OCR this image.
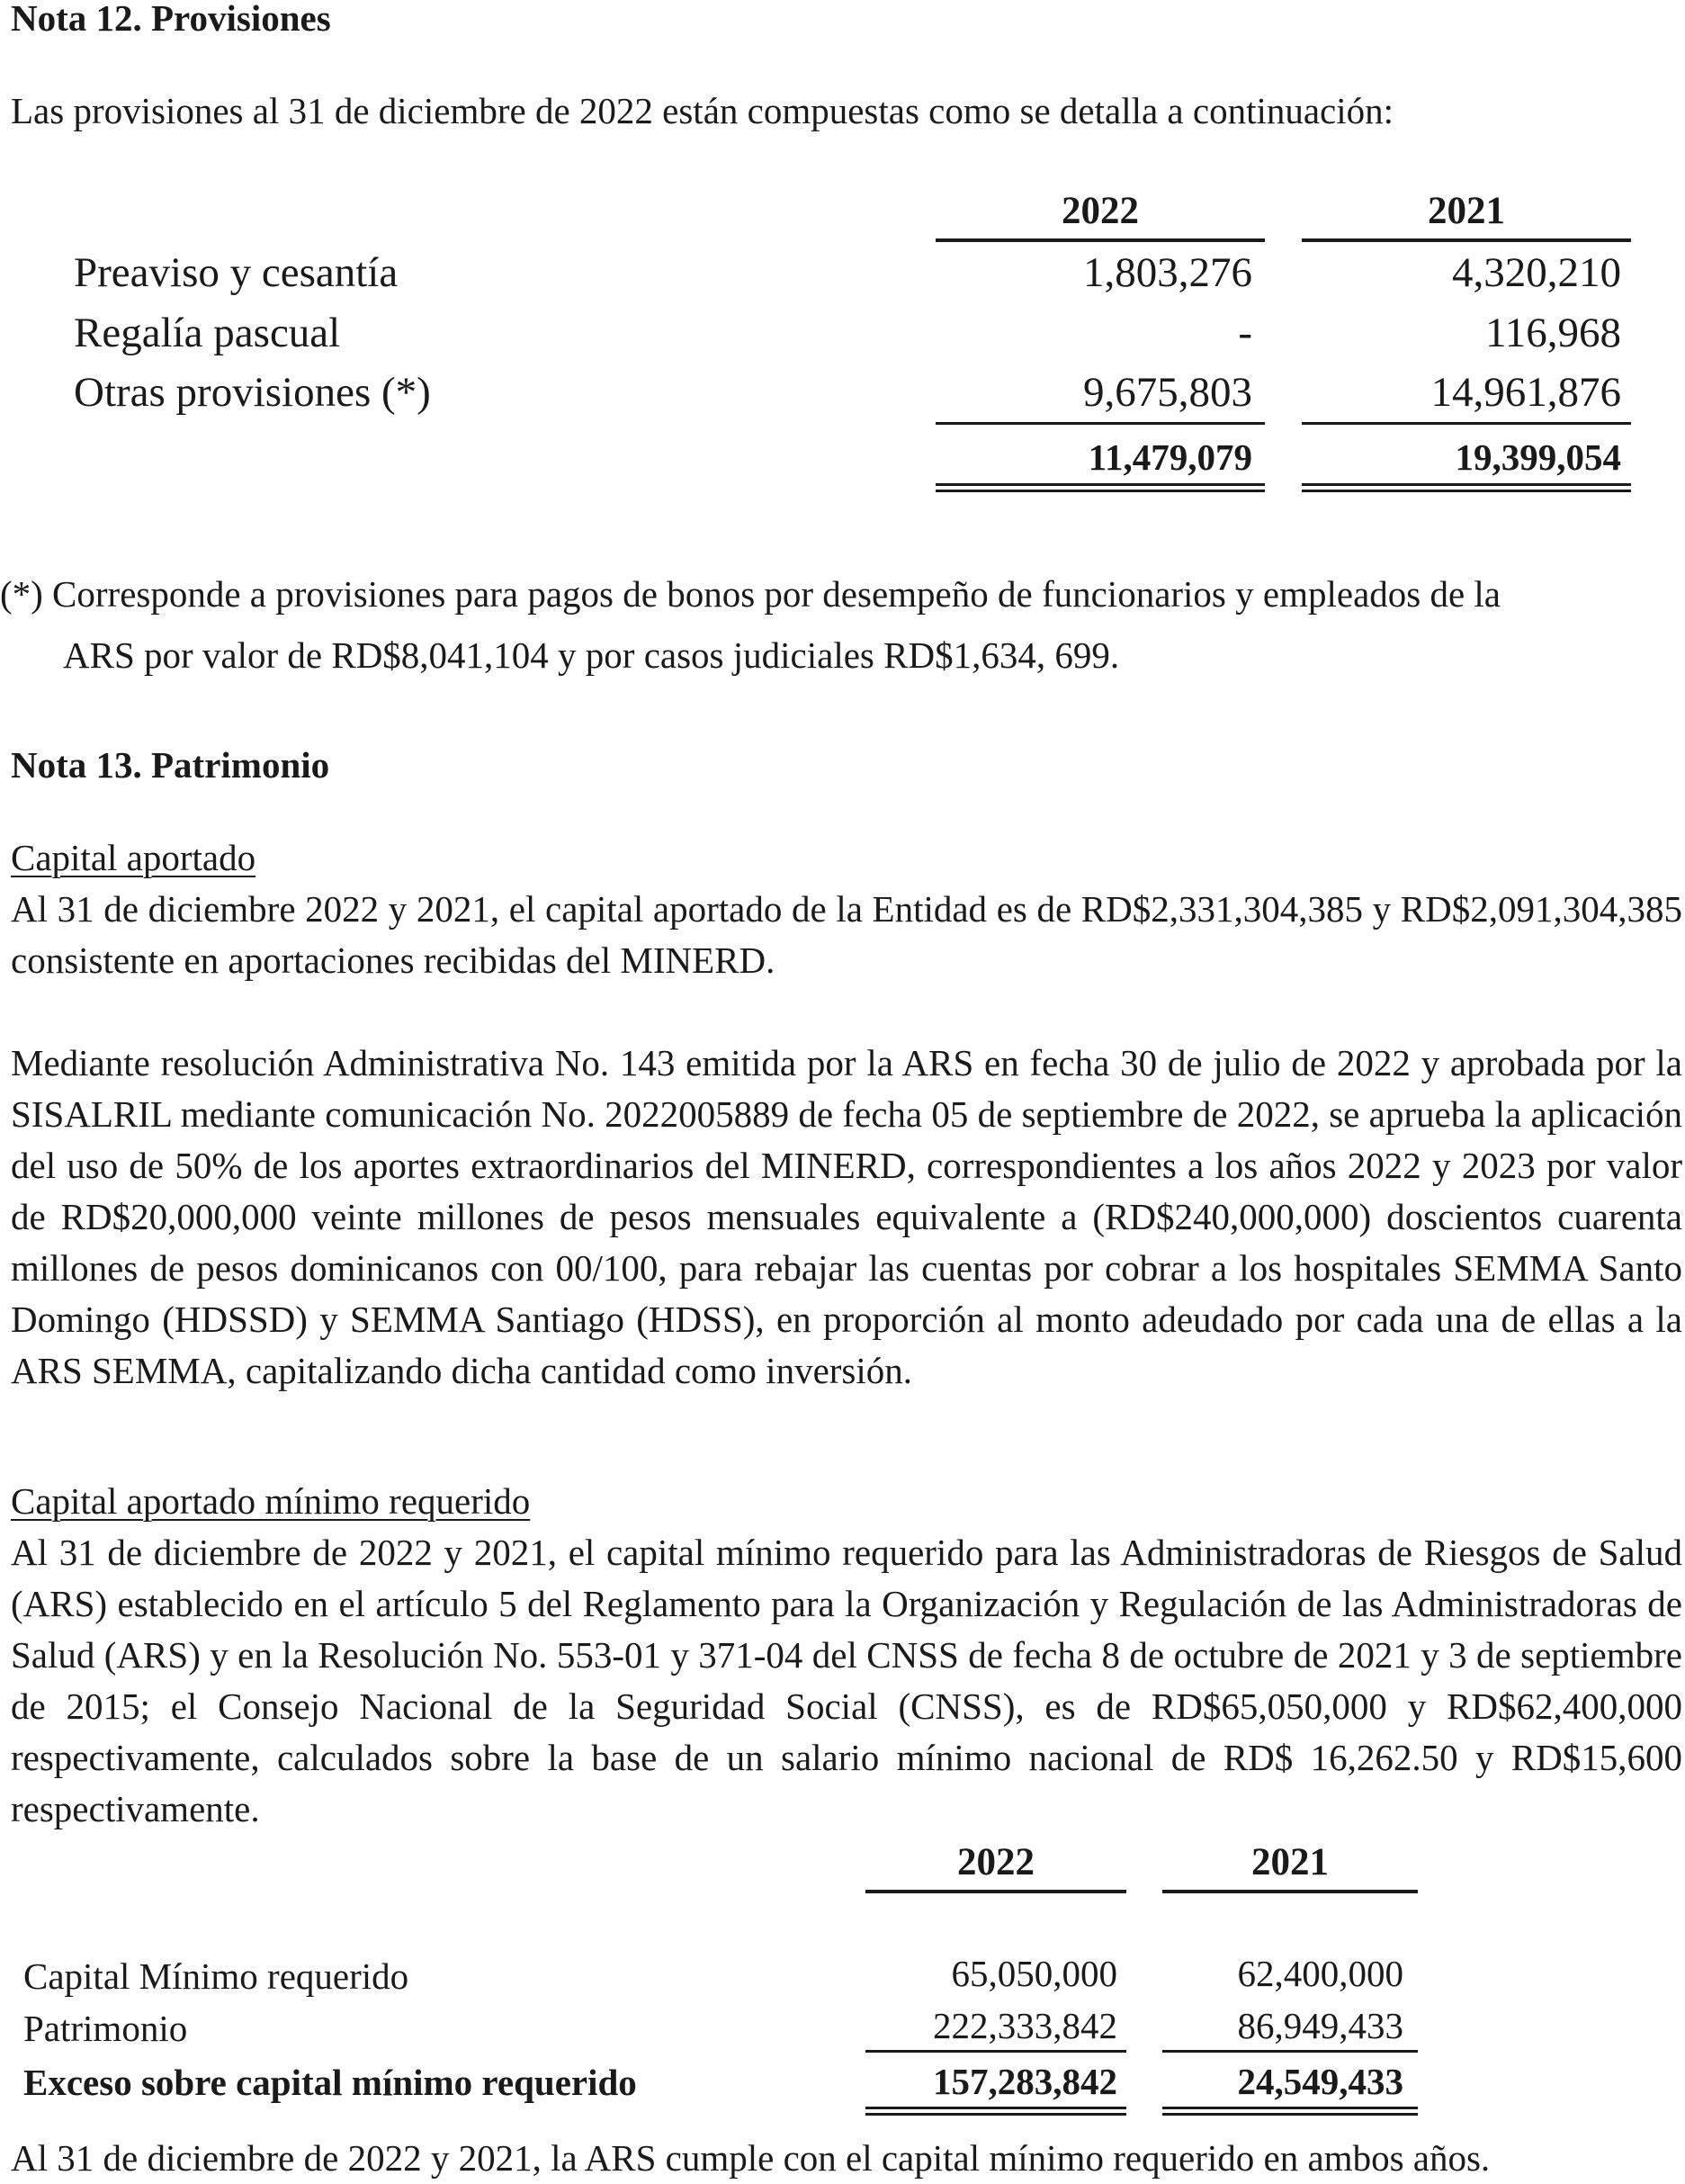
Nota 12. Provisiones
Las provisiones al 31 de diciembre de 2022 están compuestas como se detalla a continuación:
2022	2021
Preaviso y cesantía	1,803,276	4,320,210
Regalía pascual	-	116,968
Otras provisiones (*)	9,675,803	14,961,876
11,479,079	19,399,054
(*) Corresponde a provisiones para pagos de bonos por desempeño de funcionarios y empleados de la
ARS por valor de RD$8,041,104 y por casos judiciales RD$1,634, 699.
Nota 13. Patrimonio
Capital aportado
Al 31 de diciembre 2022 y 2021, el capital aportado de la Entidad es de RD$2,331,304,385 y RD$2,091,304,385 consistente en aportaciones recibidas del MINERD.
Mediante resolución Administrativa No. 143 emitida por la ARS en fecha 30 de julio de 2022 y aprobada por la SISALRIL mediante comunicación No. 2022005889 de fecha 05 de septiembre de 2022, se aprueba la aplicación del uso de 50% de los aportes extraordinarios del MINERD, correspondientes a los años 2022 y 2023 por valor de RD$20,000,000 veinte millones de pesos mensuales equivalente a (RD$240,000,000) doscientos cuarenta millones de pesos dominicanos con 00/100, para rebajar las cuentas por cobrar a los hospitales SEMMA Santo Domingo (HDSSD) y SEMMA Santiago (HDSS), en proporción al monto adeudado por cada una de ellas a la ARS SEMMA, capitalizando dicha cantidad como inversión.
Capital aportado mínimo requerido
Al 31 de diciembre de 2022 y 2021, el capital mínimo requerido para las Administradoras de Riesgos de Salud (ARS) establecido en el artículo 5 del Reglamento para la Organización y Regulación de las Administradoras de Salud (ARS) y en la Resolución No. 553-01 y 371-04 del CNSS de fecha 8 de octubre de 2021 y 3 de septiembre de 2015; el Consejo Nacional de la Seguridad Social (CNSS), es de RD$65,050,000 y RD$62,400,000 respectivamente, calculados sobre la base de un salario mínimo nacional de RD$ 16,262.50 y RD$15,600 respectivamente.
2022	2021
Capital Mínimo requerido	65,050,000	62,400,000
Patrimonio	222,333,842	86,949,433
Exceso sobre capital mínimo requerido	157,283,842	24,549,433
Al 31 de diciembre de 2022 y 2021, la ARS cumple con el capital mínimo requerido en ambos años.
